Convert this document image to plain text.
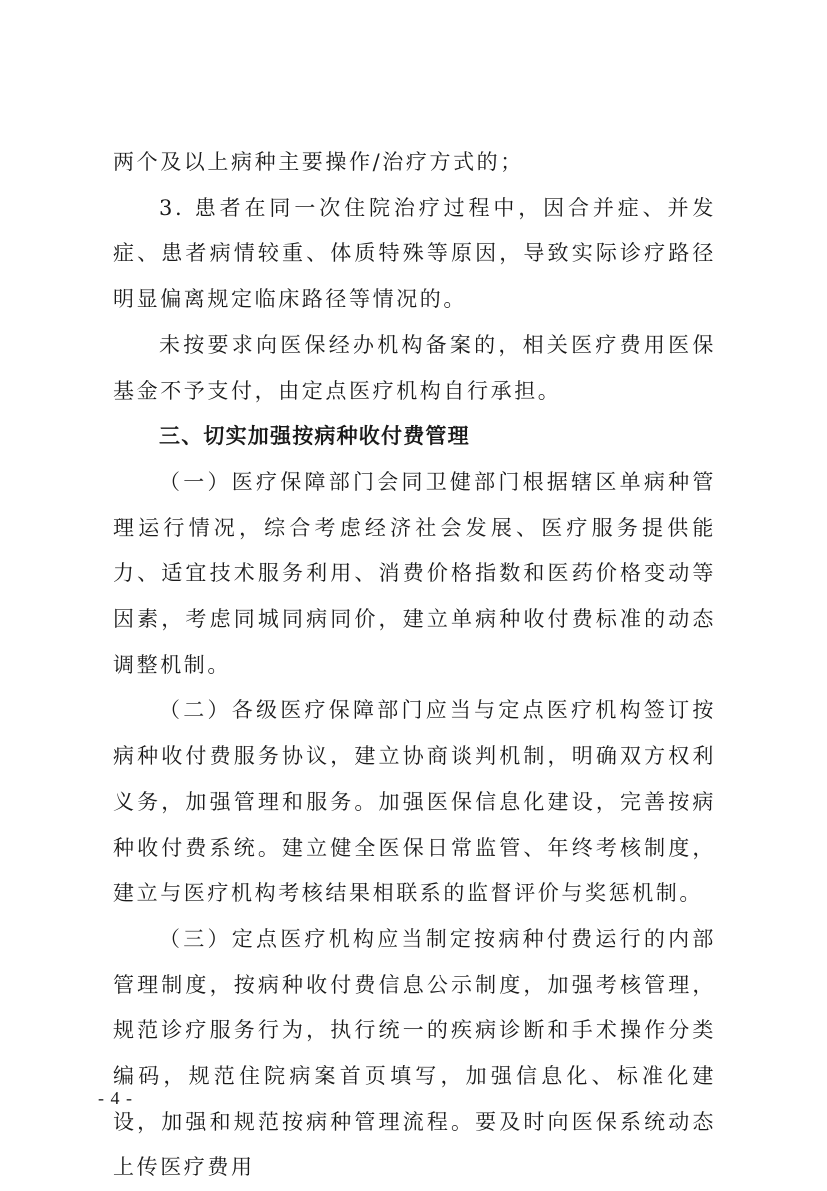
两个及以上病种主要操作/治疗方式的；

3. 患者在同一次住院治疗过程中，因合并症、并发症、患者病情较重、体质特殊等原因，导致实际诊疗路径明显偏离规定临床路径等情况的。

未按要求向医保经办机构备案的，相关医疗费用医保基金不予支付，由定点医疗机构自行承担。

三、切实加强按病种收付费管理

（一）医疗保障部门会同卫健部门根据辖区单病种管理运行情况，综合考虑经济社会发展、医疗服务提供能力、适宜技术服务利用、消费价格指数和医药价格变动等因素，考虑同城同病同价，建立单病种收付费标准的动态调整机制。

（二）各级医疗保障部门应当与定点医疗机构签订按病种收付费服务协议，建立协商谈判机制，明确双方权利义务，加强管理和服务。加强医保信息化建设，完善按病种收付费系统。建立健全医保日常监管、年终考核制度，建立与医疗机构考核结果相联系的监督评价与奖惩机制。

（三）定点医疗机构应当制定按病种付费运行的内部管理制度，按病种收付费信息公示制度，加强考核管理，规范诊疗服务行为，执行统一的疾病诊断和手术操作分类编码，规范住院病案首页填写，加强信息化、标准化建设，加强和规范按病种管理流程。要及时向医保系统动态上传医疗费用

- 4 -
